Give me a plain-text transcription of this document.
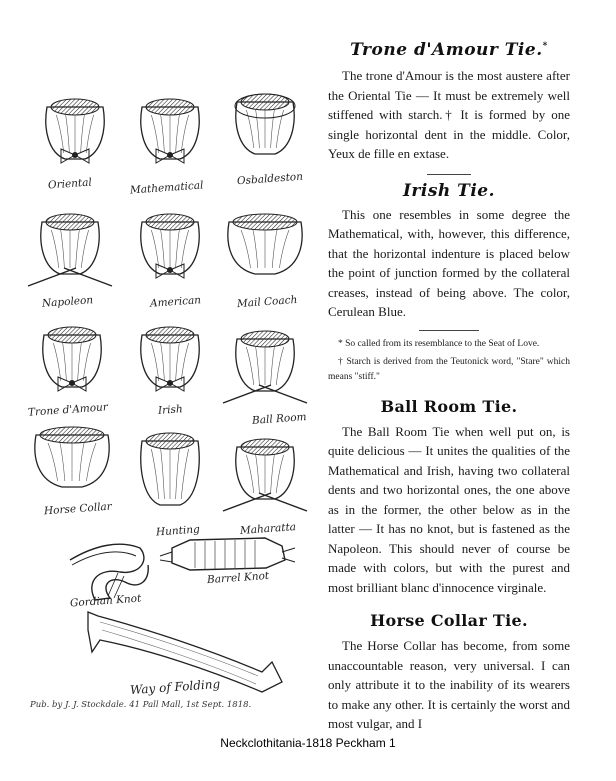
Oriental	Mathematical
Osbaldeston
Napoleon	American	Mail Coach
Trone d'Amour	Irish
Ball Room
Horse Collar
Hunting	Maharatta
Gordian Knot
Barrel Knot
Way of Folding
Pub. by J. J. Stockdale. 41 Pall Mall, 1st Sept. 1818.
Trone d'Amour Tie.*

The trone d'Amour is the most austere after the Oriental Tie — It must be extremely well stiffened with starch.† It is formed by one single horizontal dent in the middle. Color, Yeux de fille en extase.

Irish Tie.

This one resembles in some degree the Mathematical, with, however, this difference, that the horizontal indenture is placed below the point of junction formed by the collateral creases, instead of being above. The color, Cerulean Blue.

* So called from its resemblance to the Seat of Love.

† Starch is derived from the Teutonick word, "Stare" which means "stiff."

Ball Room Tie.

The Ball Room Tie when well put on, is quite delicious — It unites the qualities of the Mathematical and Irish, having two collateral dents and two horizontal ones, the one above as in the former, the other below as in the latter — It has no knot, but is fastened as the Napoleon. This should never of course be made with colors, but with the purest and most brilliant blanc d'innocence virginale.

Horse Collar Tie.

The Horse Collar has become, from some unaccountable reason, very universal. I can only attribute it to the inability of its wearers to make any other. It is certainly the worst and most vulgar, and I

Neckclothitania-1818 Peckham 1
